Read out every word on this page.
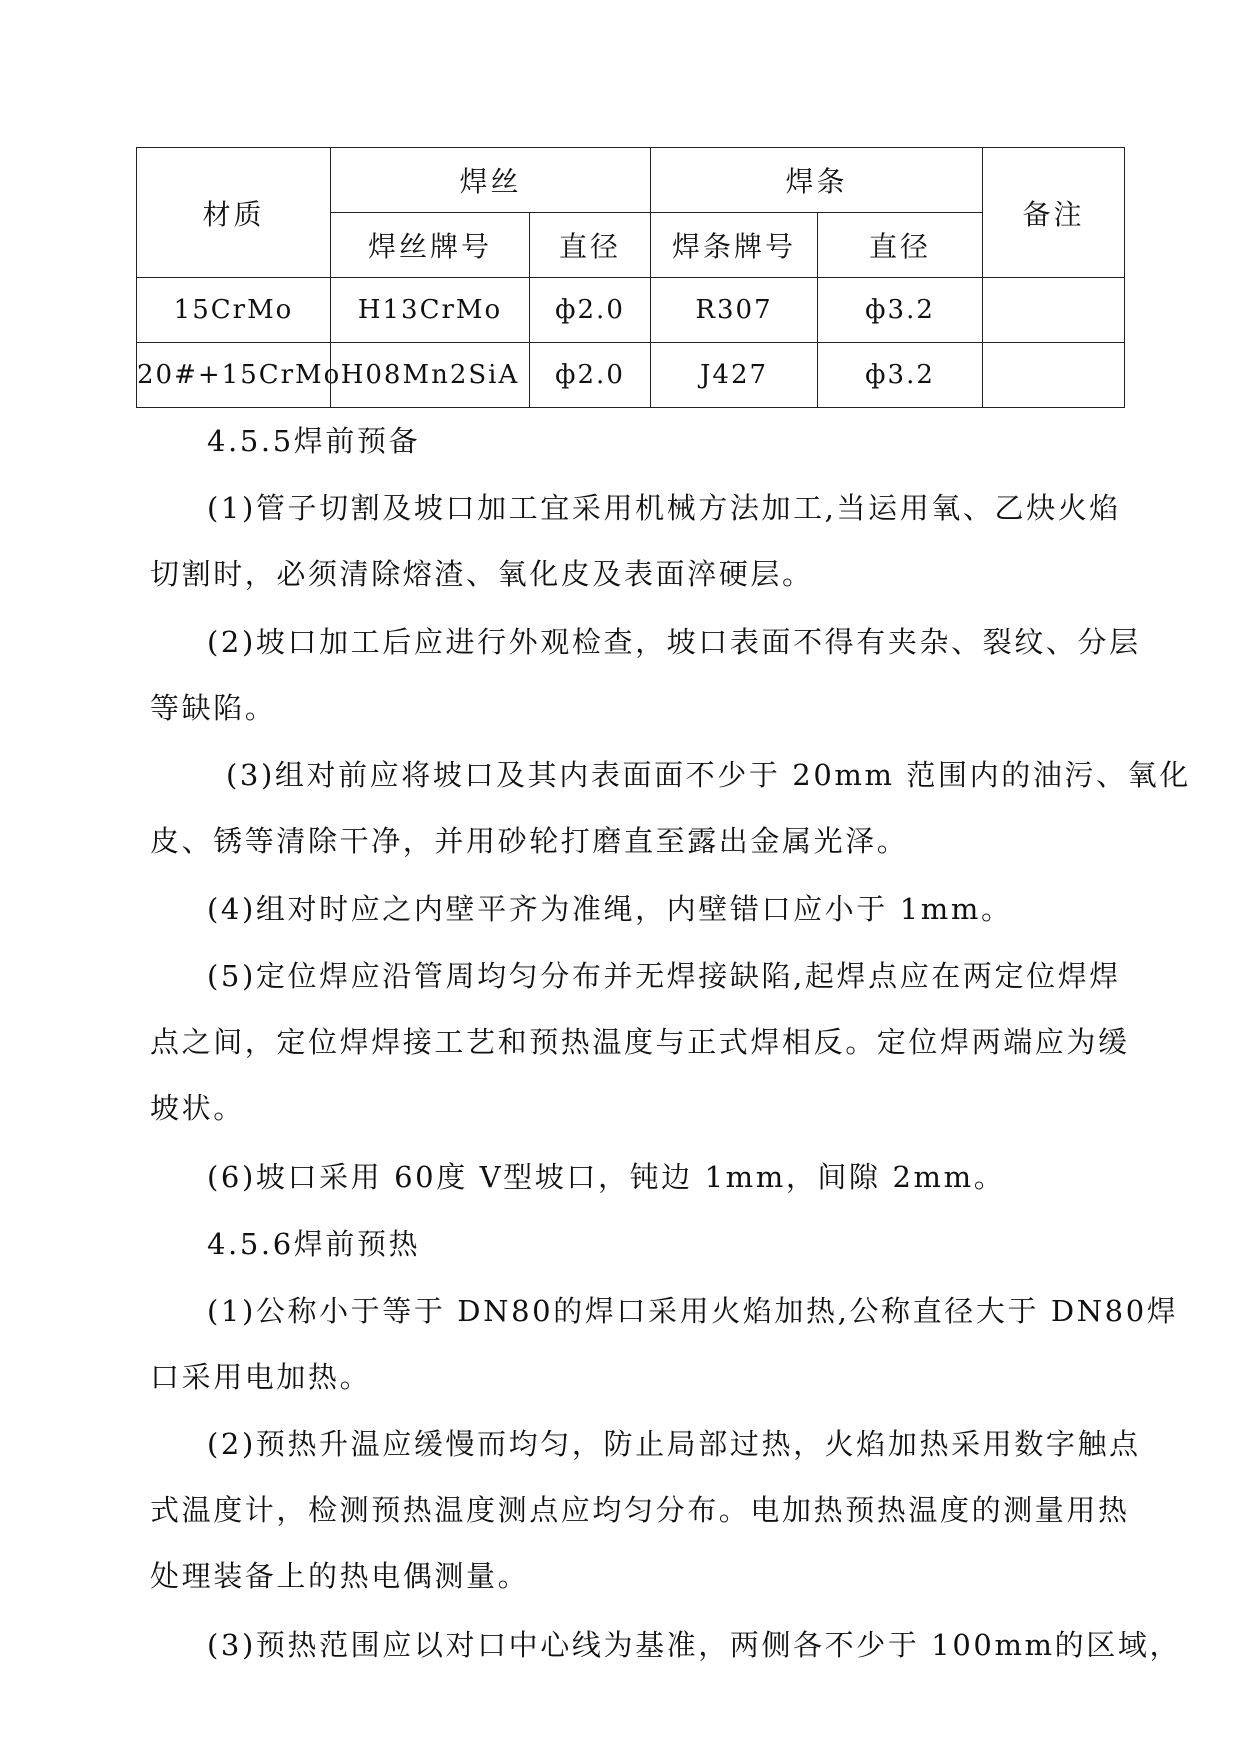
材质	焊丝		焊条		备注
	焊丝牌号	直径	焊条牌号	直径	
15CrMo	H13CrMo	ф2.0	R307	ф3.2	
20#+15CrMo	H08Mn2SiA	ф2.0	J427	ф3.2	
4.5.5焊前预备
(1)管子切割及坡口加工宜采用机械方法加工,当运用氧、乙炔火焰
切割时，必须清除熔渣、氧化皮及表面淬硬层。
(2)坡口加工后应进行外观检查，坡口表面不得有夹杂、裂纹、分层
等缺陷。
(3)组对前应将坡口及其内表面面不少于 20mm 范围内的油污、氧化
皮、锈等清除干净，并用砂轮打磨直至露出金属光泽。
(4)组对时应之内壁平齐为准绳，内壁错口应小于 1mm。
(5)定位焊应沿管周均匀分布并无焊接缺陷,起焊点应在两定位焊焊
点之间，定位焊焊接工艺和预热温度与正式焊相反。定位焊两端应为缓
坡状。
(6)坡口采用 60度 V型坡口，钝边 1mm，间隙 2mm。
4.5.6焊前预热
(1)公称小于等于 DN80的焊口采用火焰加热,公称直径大于 DN80焊
口采用电加热。
(2)预热升温应缓慢而均匀，防止局部过热，火焰加热采用数字触点
式温度计，检测预热温度测点应均匀分布。电加热预热温度的测量用热
处理装备上的热电偶测量。
(3)预热范围应以对口中心线为基准，两侧各不少于 100mm的区域，
